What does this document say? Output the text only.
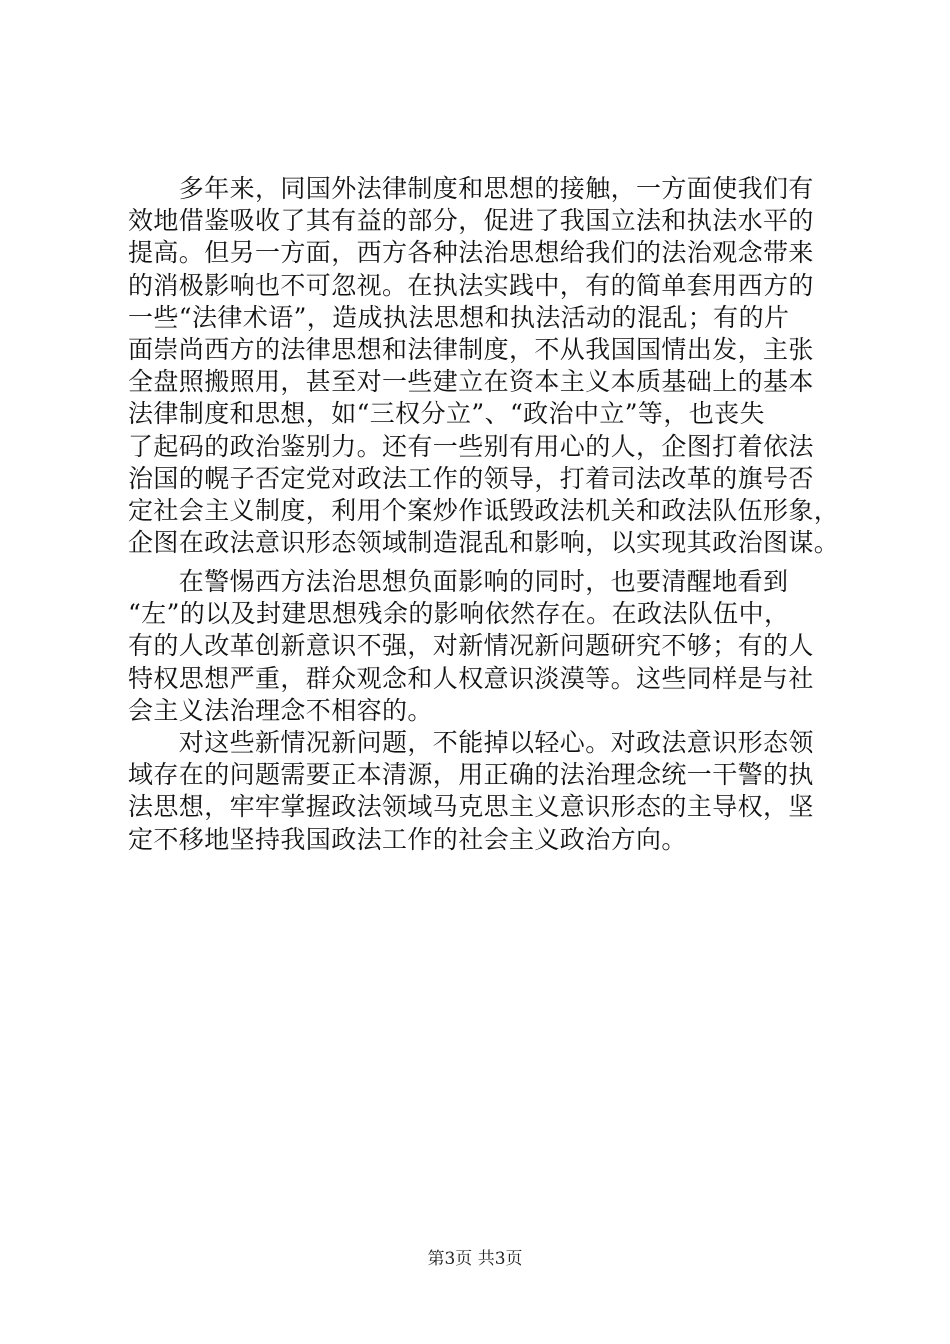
　　多年来，同国外法律制度和思想的接触，一方面使我们有
效地借鉴吸收了其有益的部分，促进了我国立法和执法水平的
提高。但另一方面，西方各种法治思想给我们的法治观念带来
的消极影响也不可忽视。在执法实践中，有的简单套用西方的
一些“法律术语”，造成执法思想和执法活动的混乱；有的片
面崇尚西方的法律思想和法律制度，不从我国国情出发，主张
全盘照搬照用，甚至对一些建立在资本主义本质基础上的基本
法律制度和思想，如“三权分立”、“政治中立”等，也丧失
了起码的政治鉴别力。还有一些别有用心的人，企图打着依法
治国的幌子否定党对政法工作的领导，打着司法改革的旗号否
定社会主义制度，利用个案炒作诋毁政法机关和政法队伍形象，
企图在政法意识形态领域制造混乱和影响，以实现其政治图谋。

　　在警惕西方法治思想负面影响的同时，也要清醒地看到
“左”的以及封建思想残余的影响依然存在。在政法队伍中，
有的人改革创新意识不强，对新情况新问题研究不够；有的人
特权思想严重，群众观念和人权意识淡漠等。这些同样是与社
会主义法治理念不相容的。

　　对这些新情况新问题，不能掉以轻心。对政法意识形态领
域存在的问题需要正本清源，用正确的法治理念统一干警的执
法思想，牢牢掌握政法领域马克思主义意识形态的主导权，坚
定不移地坚持我国政法工作的社会主义政治方向。

第3页 共3页
